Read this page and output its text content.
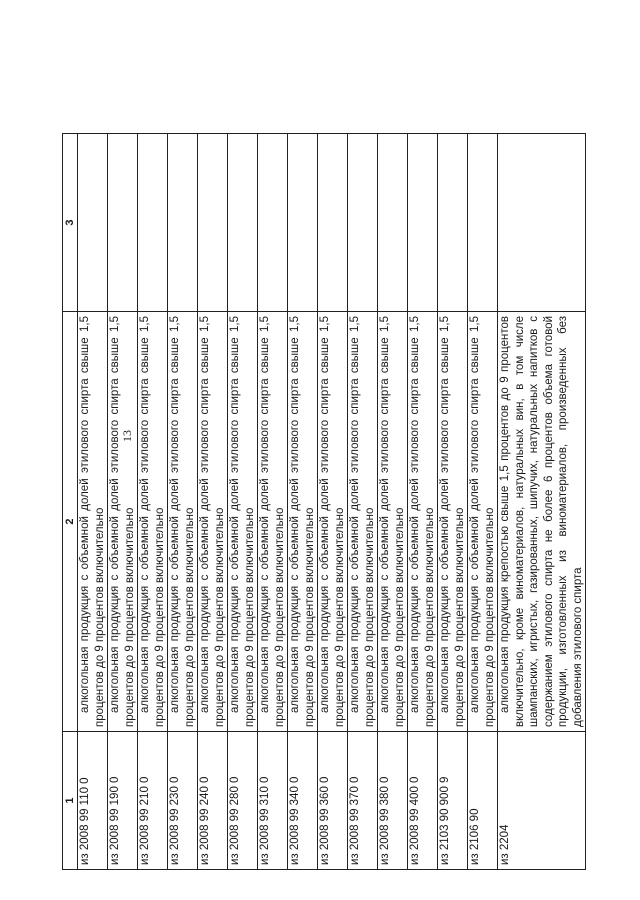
13
1	2	3
из 2008 99 110 0	алкогольная продукция с объемной долей этилового спирта свыше 1,5 процентов до 9 процентов включительно	
из 2008 99 190 0	алкогольная продукция с объемной долей этилового спирта свыше 1,5 процентов до 9 процентов включительно	
из 2008 99 210 0	алкогольная продукция с объемной долей этилового спирта свыше 1,5 процентов до 9 процентов включительно	
из 2008 99 230 0	алкогольная продукция с объемной долей этилового спирта свыше 1,5 процентов до 9 процентов включительно	
из 2008 99 240 0	алкогольная продукция с объемной долей этилового спирта свыше 1,5 процентов до 9 процентов включительно	
из 2008 99 280 0	алкогольная продукция с объемной долей этилового спирта свыше 1,5 процентов до 9 процентов включительно	
из 2008 99 310 0	алкогольная продукция с объемной долей этилового спирта свыше 1,5 процентов до 9 процентов включительно	
из 2008 99 340 0	алкогольная продукция с объемной долей этилового спирта свыше 1,5 процентов до 9 процентов включительно	
из 2008 99 360 0	алкогольная продукция с объемной долей этилового спирта свыше 1,5 процентов до 9 процентов включительно	
из 2008 99 370 0	алкогольная продукция с объемной долей этилового спирта свыше 1,5 процентов до 9 процентов включительно	
из 2008 99 380 0	алкогольная продукция с объемной долей этилового спирта свыше 1,5 процентов до 9 процентов включительно	
из 2008 99 400 0	алкогольная продукция с объемной долей этилового спирта свыше 1,5 процентов до 9 процентов включительно	
из 2103 90 900 9	алкогольная продукция с объемной долей этилового спирта свыше 1,5 процентов до 9 процентов включительно	
из 2106 90	алкогольная продукция с объемной долей этилового спирта свыше 1,5 процентов до 9 процентов включительно	
из 2204	алкогольная продукция крепостью свыше 1,5 процентов до 9 процентов включительно, кроме виноматериалов, натуральных вин, в том числе шампанских, игристых, газированных, шипучих, натуральных напитков с содержанием этилового спирта не более 6 процентов объема готовой продукции, изготовленных из виноматериалов, произведенных без добавления этилового спирта	
